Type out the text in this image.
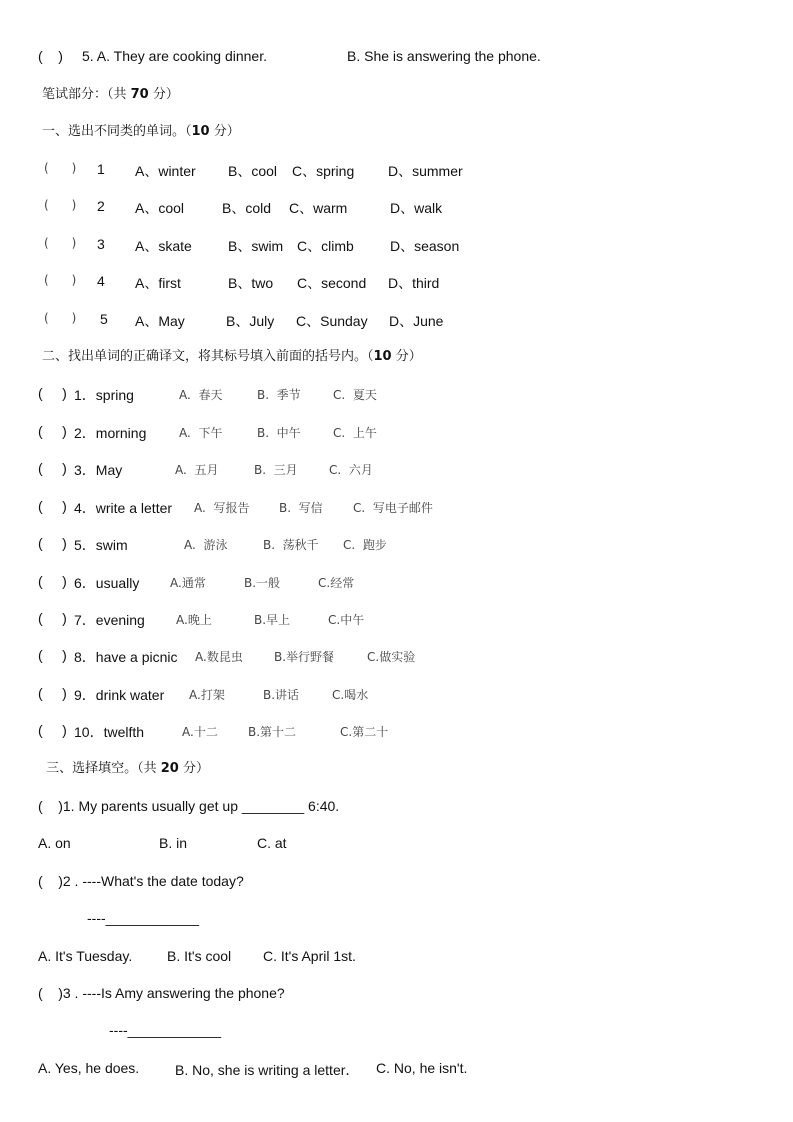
(    ) 5. A. They are cooking dinner.	B. She is answering the phone.
笔试部分：（共 70 分）
一、选出不同类的单词。（10 分）
(      ) 1 A、winter B、cool C、spring D、summer
(      ) 2 A、cool	B、cold C、warm	D、walk
(      ) 3 A、skate	B、swim C、climb	D、season
(      ) 4 A、first	B、two C、second D、third
(      ) 5 A、May	B、July C、Sunday D、June
二、找出单词的正确译文，将其标号填入前面的括号内。（10 分）
(     ) 1．spring	A.  春天	B.  季节	C.  夏天
(     ) 2．morning	A.  下午	B.  中午	C.  上午
(     ) 3．May	A.  五月	B.  三月	C.  六月
(     ) 4．write a letter A.  写报告 B.  写信	C.  写电子邮件
(     ) 5．swim	A.  游泳	B.  荡秋千 C.  跑步
(     ) 6．usually	A.通常	B.一般	C.经常
(     ) 7．evening	A.晚上	B.早上	C.中午
(     ) 8．have a picnic A.数昆虫	B.举行野餐	C.做实验
(     ) 9．drink water A.打架	B.讲话	C.喝水
(     ) 10．twelfth	A.十二	B.第十二	C.第二十
三、选择填空。（共 20 分）
(    )1. My parents usually get up ________ 6:40.
A. on	B. in	C. at
(    )2 . ----What's the date today?
----____________
A. It's Tuesday. B. It's cool C. It's April 1st.
(    )3 . ----Is Amy answering the phone?
----____________
A. Yes, he does.	B. No, she is writing a letter． C. No, he isn't.
